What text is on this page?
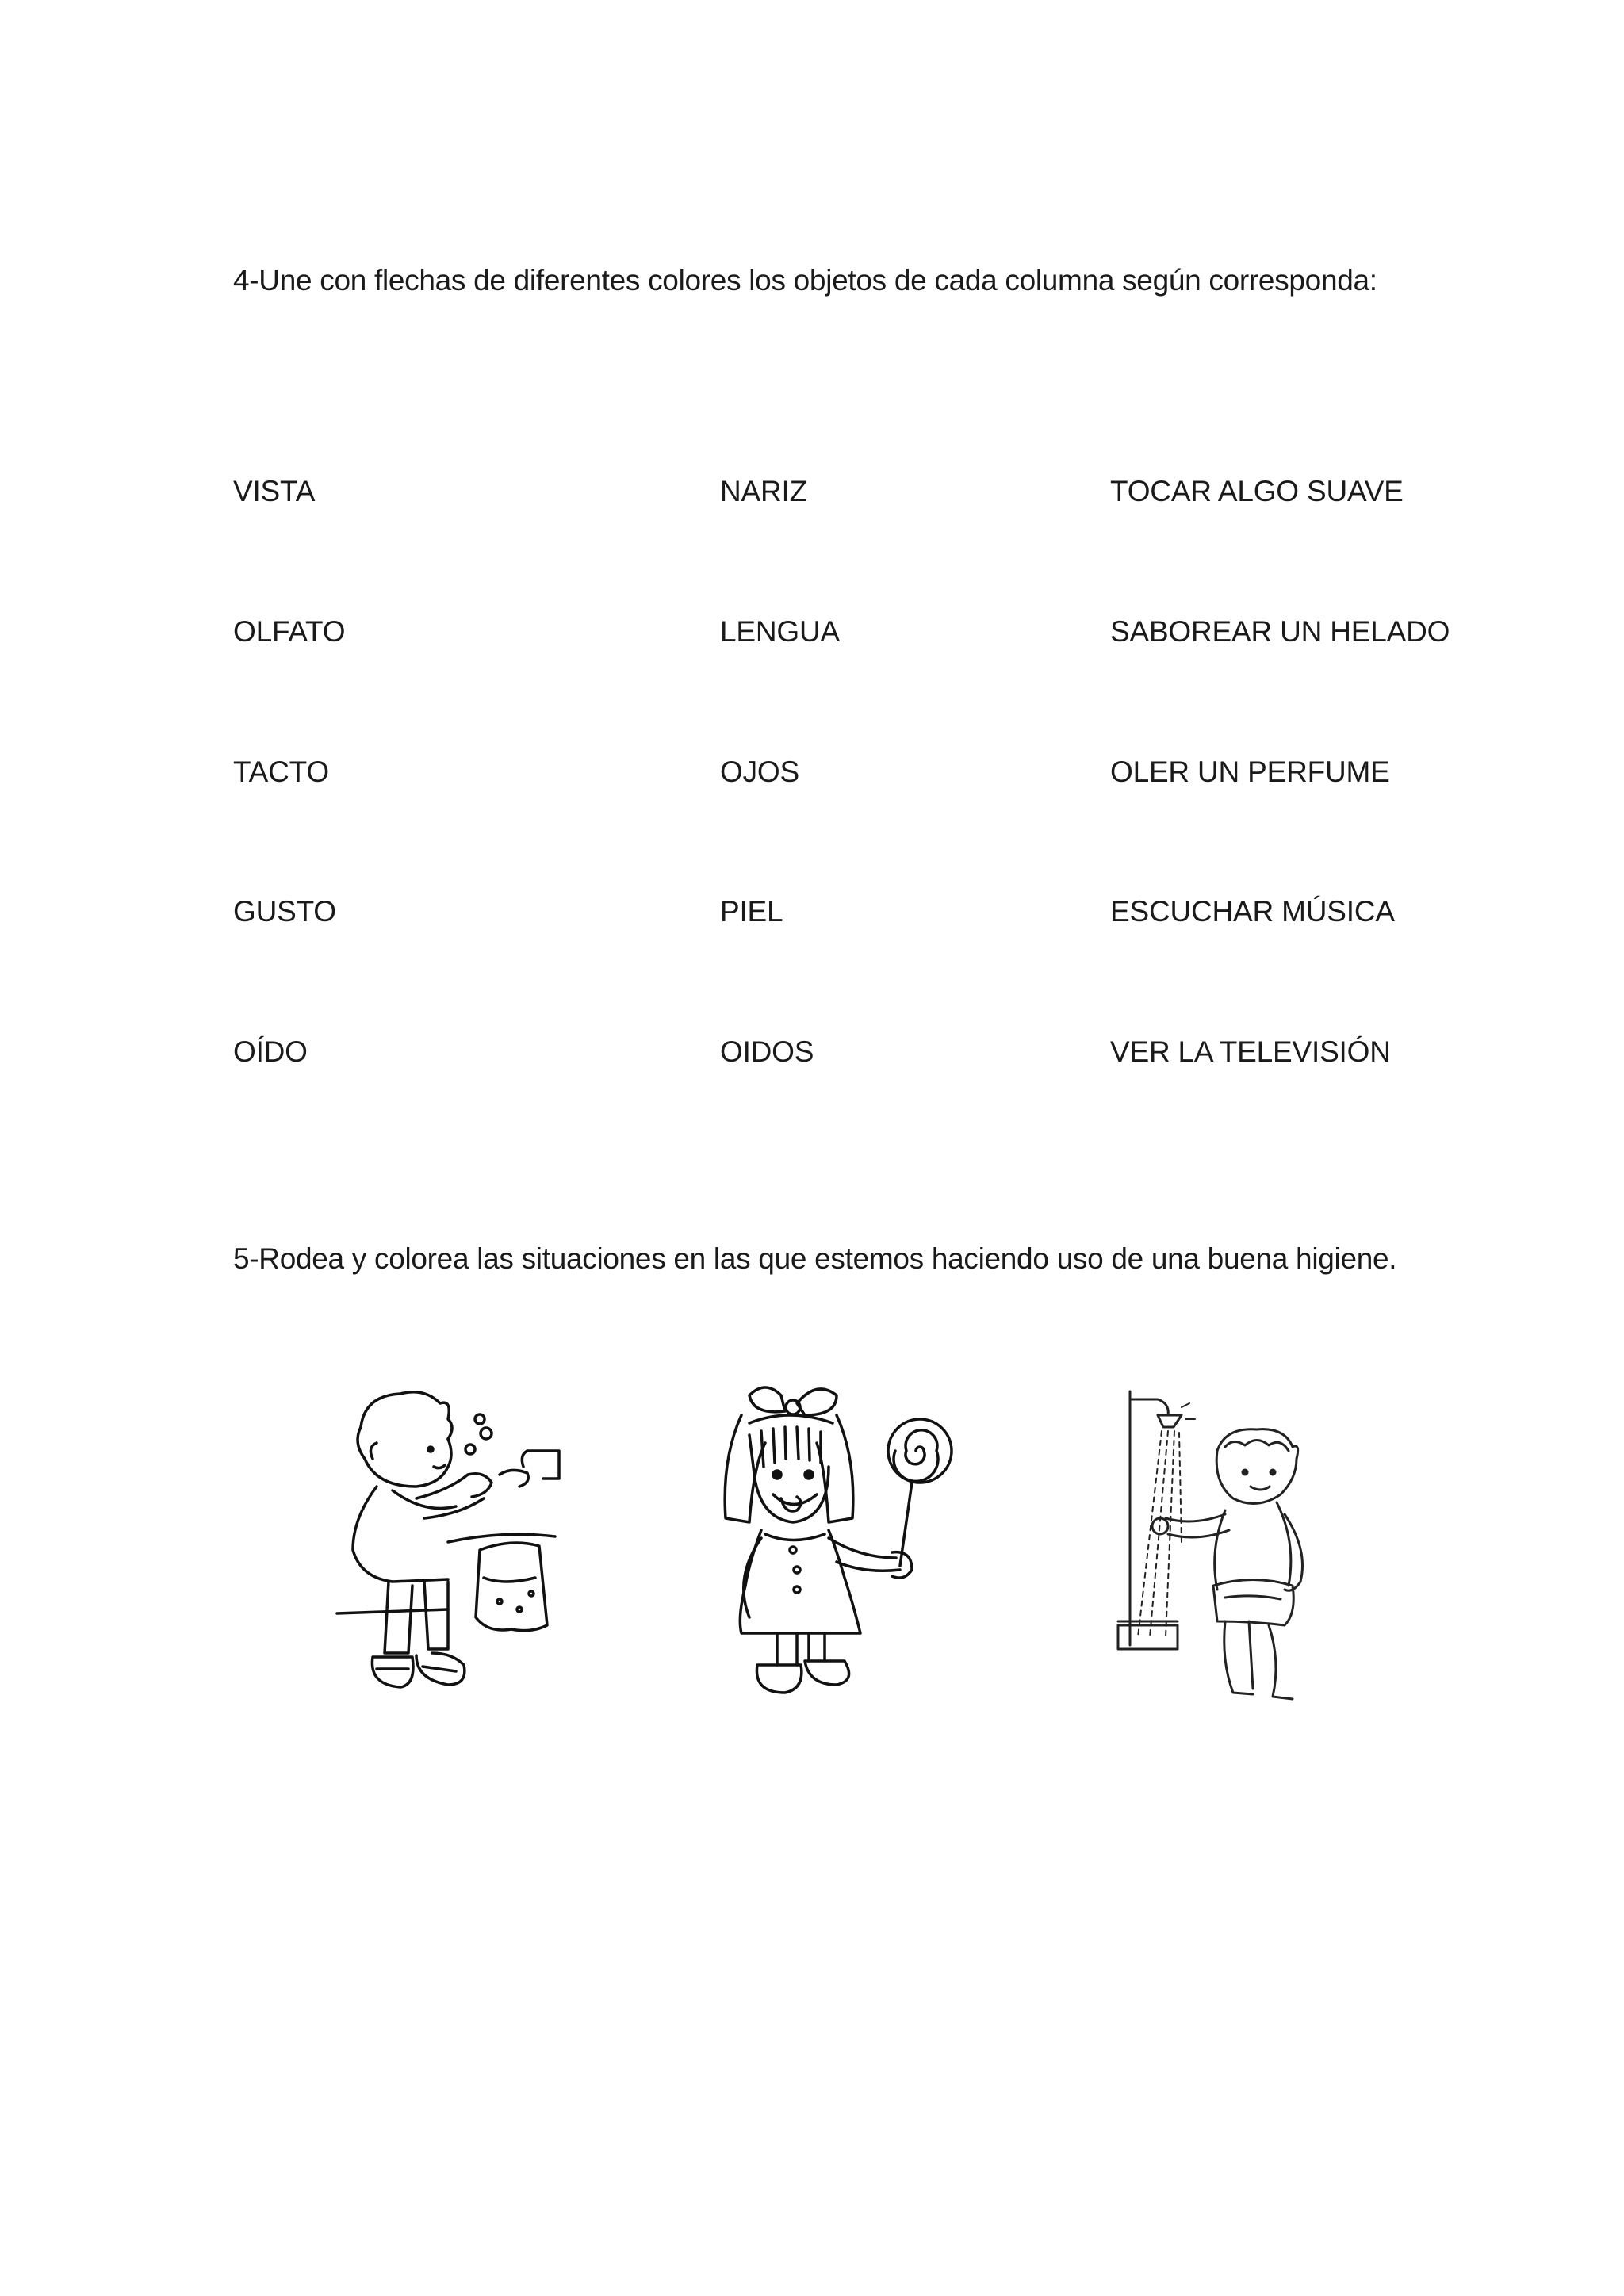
4-Une con flechas de diferentes colores los objetos de cada columna según corresponda:
VISTA	NARIZ	TOCAR ALGO SUAVE
OLFATO	LENGUA	SABOREAR UN HELADO
TACTO	OJOS	OLER UN PERFUME
GUSTO	PIEL	ESCUCHAR MÚSICA
OÍDO	OIDOS	VER LA TELEVISIÓN
5-Rodea y colorea las situaciones en las que estemos haciendo uso de una buena higiene.
